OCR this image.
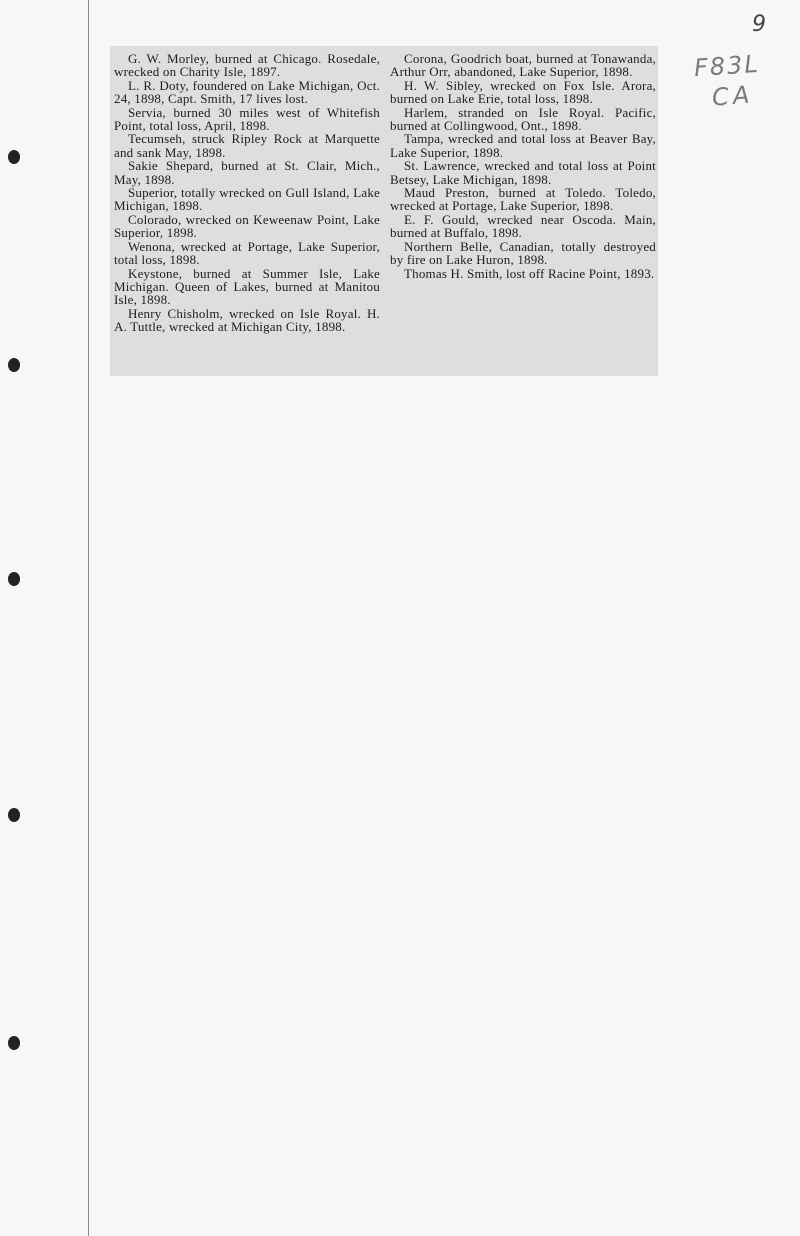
9
F83L
CA

G. W. Morley, burned at Chicago. Rosedale, wrecked on Charity Isle, 1897.

L. R. Doty, foundered on Lake Michigan, Oct. 24, 1898, Capt. Smith, 17 lives lost.

Servia, burned 30 miles west of Whitefish Point, total loss, April, 1898.

Tecumseh, struck Ripley Rock at Marquette and sank May, 1898.

Sakie Shepard, burned at St. Clair, Mich., May, 1898.

Superior, totally wrecked on Gull Island, Lake Michigan, 1898.

Colorado, wrecked on Keweenaw Point, Lake Superior, 1898.

Wenona, wrecked at Portage, Lake Superior, total loss, 1898.

Keystone, burned at Summer Isle, Lake Michigan. Queen of Lakes, burned at Manitou Isle, 1898.

Henry Chisholm, wrecked on Isle Royal. H. A. Tuttle, wrecked at Michigan City, 1898.

Corona, Goodrich boat, burned at Tonawanda, Arthur Orr, abandoned, Lake Superior, 1898.

H. W. Sibley, wrecked on Fox Isle. Arora, burned on Lake Erie, total loss, 1898.

Harlem, stranded on Isle Royal. Pacific, burned at Collingwood, Ont., 1898.

Tampa, wrecked and total loss at Beaver Bay, Lake Superior, 1898.

St. Lawrence, wrecked and total loss at Point Betsey, Lake Michigan, 1898.

Maud Preston, burned at Toledo. Toledo, wrecked at Portage, Lake Superior, 1898.

E. F. Gould, wrecked near Oscoda. Main, burned at Buffalo, 1898.

Northern Belle, Canadian, totally destroyed by fire on Lake Huron, 1898.

Thomas H. Smith, lost off Racine Point, 1893.
